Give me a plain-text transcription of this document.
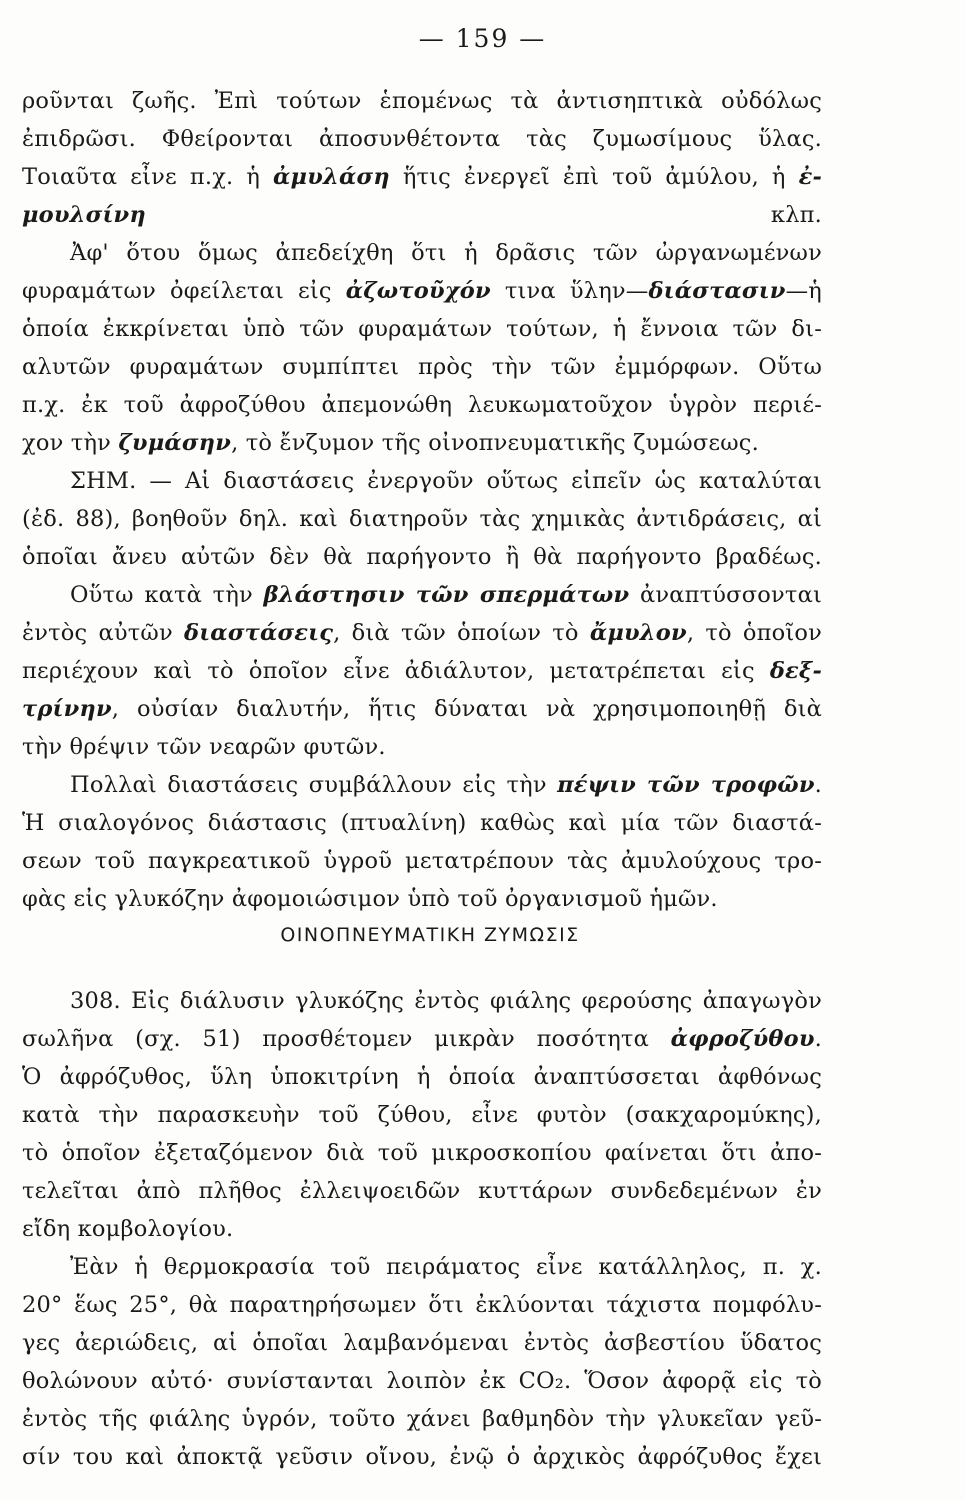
— 159 —
ροῦνται ζωῆς. Ἐπὶ τούτων ἑπομένως τὰ ἀντισηπτικὰ οὐδόλως
ἐπιδρῶσι. Φθείρονται ἀποσυνθέτοντα τὰς ζυμωσίμους ὕλας.
Τοιαῦτα εἶνε π.χ. ἡ ἀμυλάση ἥτις ἐνεργεῖ ἐπὶ τοῦ ἀμύλου, ἡ ἐ-
μουλσίνη κλπ.
Ἀφ' ὅτου ὅμως ἀπεδείχθη ὅτι ἡ δρᾶσις τῶν ὠργανωμένων
φυραμάτων ὀφείλεται εἰς ἀζωτοῦχόν τινα ὕλην—διάστασιν—ἡ
ὁποία ἐκκρίνεται ὑπὸ τῶν φυραμάτων τούτων, ἡ ἔννοια τῶν δι-
αλυτῶν φυραμάτων συμπίπτει πρὸς τὴν τῶν ἐμμόρφων. Οὕτω
π.χ. ἐκ τοῦ ἀφροζύθου ἀπεμονώθη λευκωματοῦχον ὑγρὸν περιέ-
χον τὴν ζυμάσην, τὸ ἔνζυμον τῆς οἰνοπνευματικῆς ζυμώσεως.
ΣΗΜ. — Αἱ διαστάσεις ἐνεργοῦν οὕτως εἰπεῖν ὡς καταλύται
(ἐδ. 88), βοηθοῦν δηλ. καὶ διατηροῦν τὰς χημικὰς ἀντιδράσεις, αἱ
ὁποῖαι ἄνευ αὐτῶν δὲν θὰ παρήγοντο ἢ θὰ παρήγοντο βραδέως.
Οὕτω κατὰ τὴν βλάστησιν τῶν σπερμάτων ἀναπτύσσονται
ἐντὸς αὐτῶν διαστάσεις, διὰ τῶν ὁποίων τὸ ἄμυλον, τὸ ὁποῖον
περιέχουν καὶ τὸ ὁποῖον εἶνε ἀδιάλυτον, μετατρέπεται εἰς δεξ-
τρίνην, οὐσίαν διαλυτήν, ἥτις δύναται νὰ χρησιμοποιηθῇ διὰ
τὴν θρέψιν τῶν νεαρῶν φυτῶν.
Πολλαὶ διαστάσεις συμβάλλουν εἰς τὴν πέψιν τῶν τροφῶν.
Ἡ σιαλογόνος διάστασις (πτυαλίνη) καθὼς καὶ μία τῶν διαστά-
σεων τοῦ παγκρεατικοῦ ὑγροῦ μετατρέπουν τὰς ἀμυλούχους τρο-
φὰς εἰς γλυκόζην ἀφομοιώσιμον ὑπὸ τοῦ ὀργανισμοῦ ἡμῶν.
ΟΙΝΟΠΝΕΥΜΑΤΙΚΗ ΖΥΜΩΣΙΣ
308. Εἰς διάλυσιν γλυκόζης ἐντὸς φιάλης φερούσης ἀπαγωγὸν
σωλῆνα (σχ. 51) προσθέτομεν μικρὰν ποσότητα ἀφροζύθου.
Ὁ ἀφρόζυθος, ὕλη ὑποκιτρίνη ἡ ὁποία ἀναπτύσσεται ἀφθόνως
κατὰ τὴν παρασκευὴν τοῦ ζύθου, εἶνε φυτὸν (σακχαρομύκης),
τὸ ὁποῖον ἐξεταζόμενον διὰ τοῦ μικροσκοπίου φαίνεται ὅτι ἀπο-
τελεῖται ἀπὸ πλῆθος ἐλλειψοειδῶν κυττάρων συνδεδεμένων ἐν
εἴδη κομβολογίου.
Ἐὰν ἡ θερμοκρασία τοῦ πειράματος εἶνε κατάλληλος, π. χ.
20° ἕως 25°, θὰ παρατηρήσωμεν ὅτι ἐκλύονται τάχιστα πομφόλυ-
γες ἀεριώδεις, αἱ ὁποῖαι λαμβανόμεναι ἐντὸς ἀσβεστίου ὕδατος
θολώνουν αὐτό· συνίστανται λοιπὸν ἐκ CO₂. Ὅσον ἀφορᾷ εἰς τὸ
ἐντὸς τῆς φιάλης ὑγρόν, τοῦτο χάνει βαθμηδὸν τὴν γλυκεῖαν γεῦ-
σίν του καὶ ἀποκτᾷ γεῦσιν οἴνου, ἐνῷ ὁ ἀρχικὸς ἀφρόζυθος ἔχει
